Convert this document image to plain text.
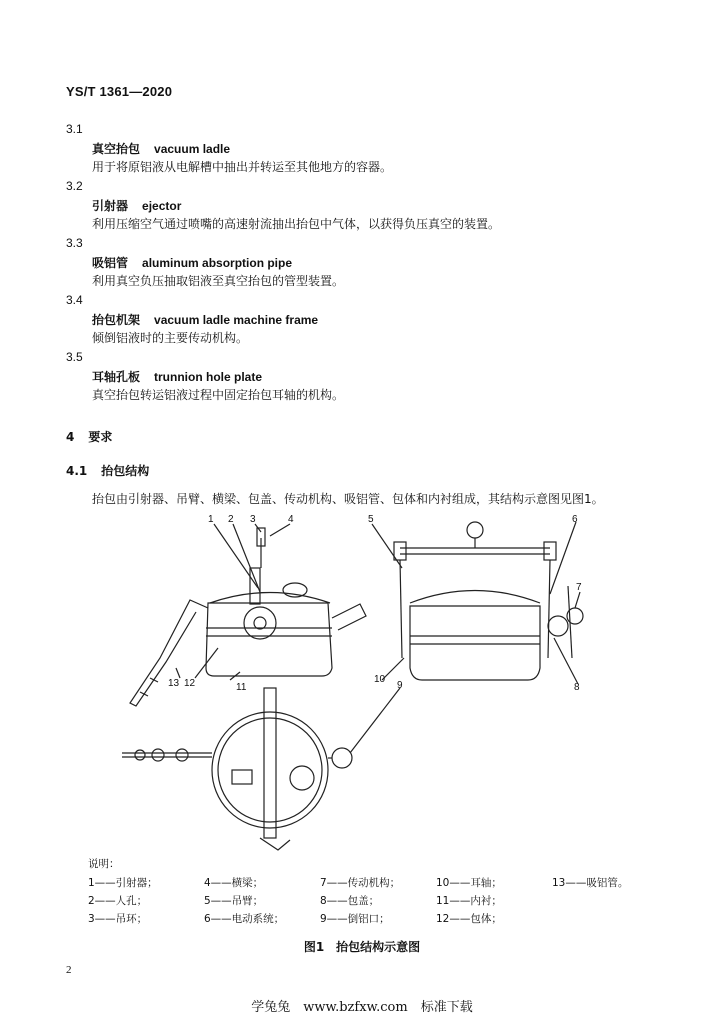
YS/T 1361—2020
3.1
真空抬包 vacuum ladle
用于将原铝液从电解槽中抽出并转运至其他地方的容器。
3.2
引射器 ejector
利用压缩空气通过喷嘴的高速射流抽出抬包中气体，以获得负压真空的装置。
3.3
吸铝管 aluminum absorption pipe
利用真空负压抽取铝液至真空抬包的管型装置。
3.4
抬包机架 vacuum ladle machine frame
倾倒铝液时的主要传动机构。
3.5
耳轴孔板 trunnion hole plate
真空抬包转运铝液过程中固定抬包耳轴的机构。
4 要求
4.1 抬包结构
抬包由引射器、吊臂、横梁、包盖、传动机构、吸铝管、包体和内衬组成，其结构示意图见图1。
1 2 3	4	5	6
7
8
9
10
11
12
13
说明：
1——引射器；	4——横梁；	7——传动机构；	10——耳轴；	13——吸铝管。
2——人孔；	5——吊臂；	8——包盖；	11——内衬；
3——吊环；	6——电动系统；	9——倒铝口；	12——包体；
图1　抬包结构示意图
2
学兔兔　www.bzfxw.com　标准下载
